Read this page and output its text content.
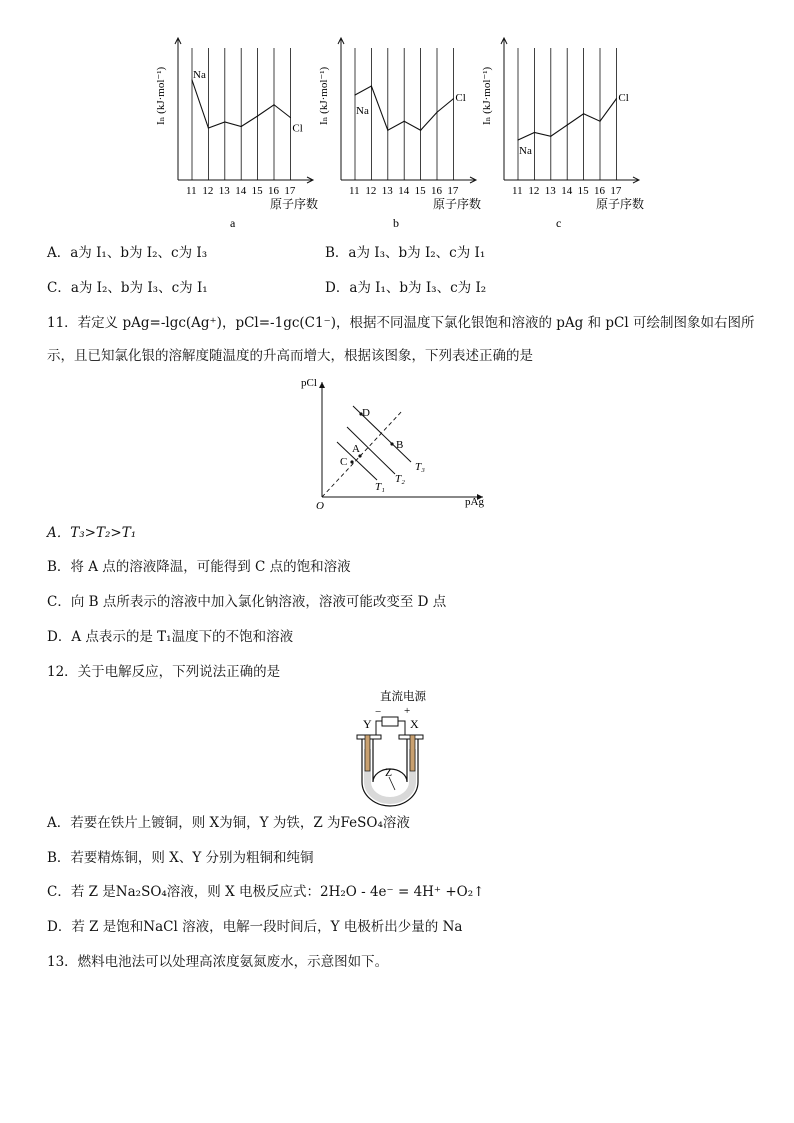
11 12 13 14 15 16 17
Na
Cl
Iₙ (kJ·mol⁻¹)
原子序数
a
11 12 13 14 15 16 17
Na
Cl
Iₙ (kJ·mol⁻¹)
原子序数
b
11 12 13 14 15 16 17
Na
Cl
Iₙ (kJ·mol⁻¹)
原子序数
c
A．a为 I₁、b为 I₂、c为 I₃	B．a为 I₃、b为 I₂、c为 I₁
C．a为 I₂、b为 I₃、c为 I₁	D．a为 I₁、b为 I₃、c为 I₂
11．若定义 pAg=-lgc(Ag⁺)，pCl=-1gc(C1⁻)，根据不同温度下氯化银饱和溶液的 pAg 和 pCl 可绘制图象如右图所
示，且已知氯化银的溶解度随温度的升高而增大，根据该图象，下列表述正确的是
pCl
pAg
O
T₁
T₂
T₃
D
B
A
C
A．T₃>T₂>T₁
B．将 A 点的溶液降温，可能得到 C 点的饱和溶液
C．向 B 点所表示的溶液中加入氯化钠溶液，溶液可能改变至 D 点
D．A 点表示的是 T₁温度下的不饱和溶液
12．关于电解反应，下列说法正确的是
直流电源
− +
Y	X
Z
A．若要在铁片上镀铜，则 X为铜，Y 为铁，Z 为FeSO₄溶液
B．若要精炼铜，则 X、Y 分别为粗铜和纯铜
C．若 Z 是Na₂SO₄溶液，则 X 电极反应式：2H₂O - 4e⁻ = 4H⁺ +O₂↑
D．若 Z 是饱和NaCl 溶液，电解一段时间后，Y 电极析出少量的 Na
13．燃料电池法可以处理高浓度氨氮废水，示意图如下。
